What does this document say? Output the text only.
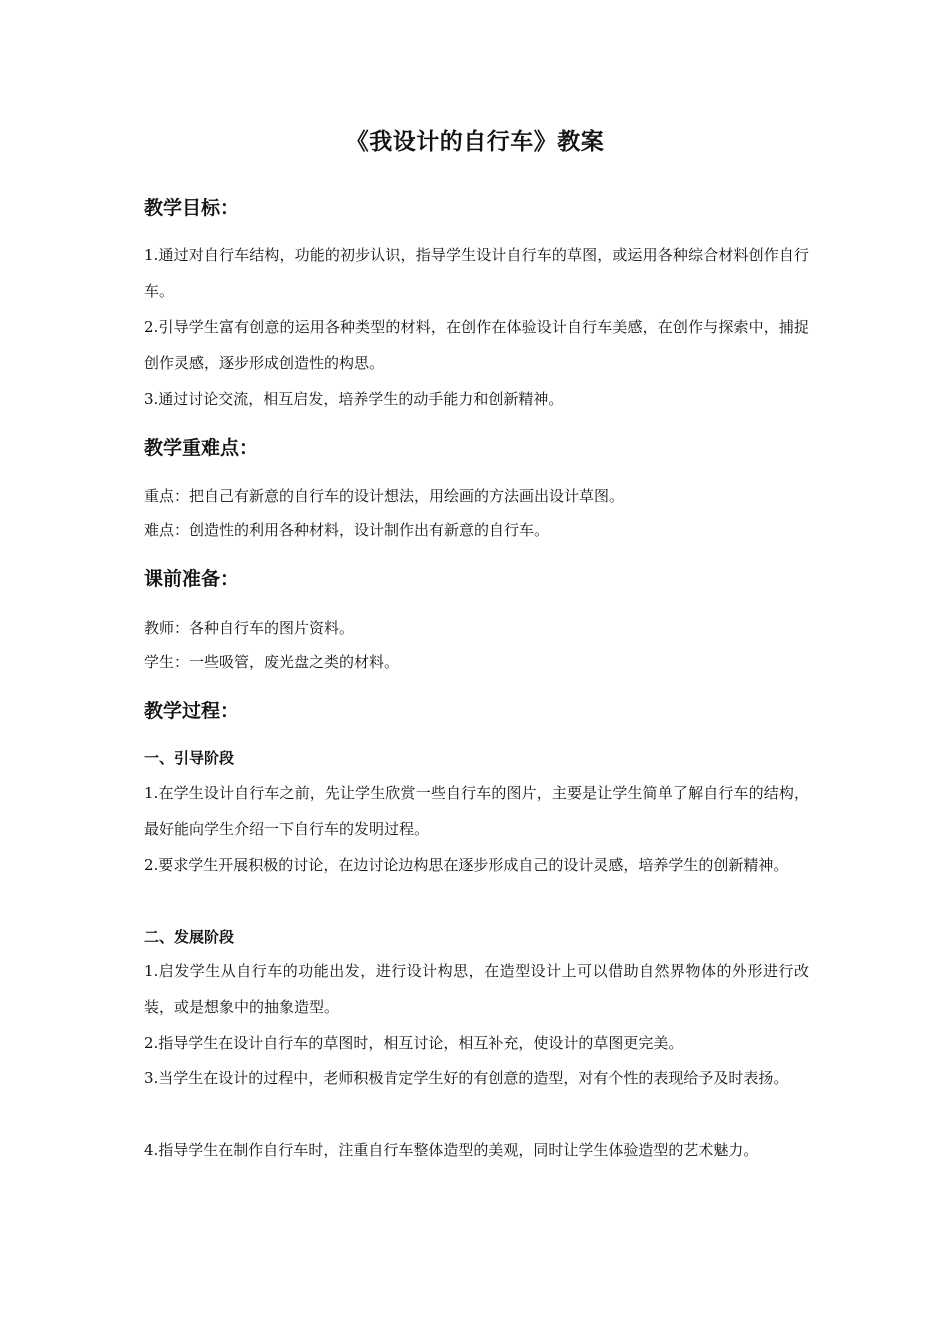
《我设计的自行车》教案
教学目标：
1.通过对自行车结构，功能的初步认识，指导学生设计自行车的草图，或运用各种综合材料创作自行车。
2.引导学生富有创意的运用各种类型的材料，在创作在体验设计自行车美感，在创作与探索中，捕捉创作灵感，逐步形成创造性的构思。
3.通过讨论交流，相互启发，培养学生的动手能力和创新精神。
教学重难点：
重点：把自己有新意的自行车的设计想法，用绘画的方法画出设计草图。
难点：创造性的利用各种材料，设计制作出有新意的自行车。
课前准备：
教师：各种自行车的图片资料。
学生：一些吸管，废光盘之类的材料。
教学过程：
一、引导阶段
1.在学生设计自行车之前，先让学生欣赏一些自行车的图片，主要是让学生简单了解自行车的结构，最好能向学生介绍一下自行车的发明过程。
2.要求学生开展积极的讨论，在边讨论边构思在逐步形成自己的设计灵感，培养学生的创新精神。
二、发展阶段
1.启发学生从自行车的功能出发，进行设计构思，在造型设计上可以借助自然界物体的外形进行改装，或是想象中的抽象造型。
2.指导学生在设计自行车的草图时，相互讨论，相互补充，使设计的草图更完美。
3.当学生在设计的过程中，老师积极肯定学生好的有创意的造型，对有个性的表现给予及时表扬。
4.指导学生在制作自行车时，注重自行车整体造型的美观，同时让学生体验造型的艺术魅力。
